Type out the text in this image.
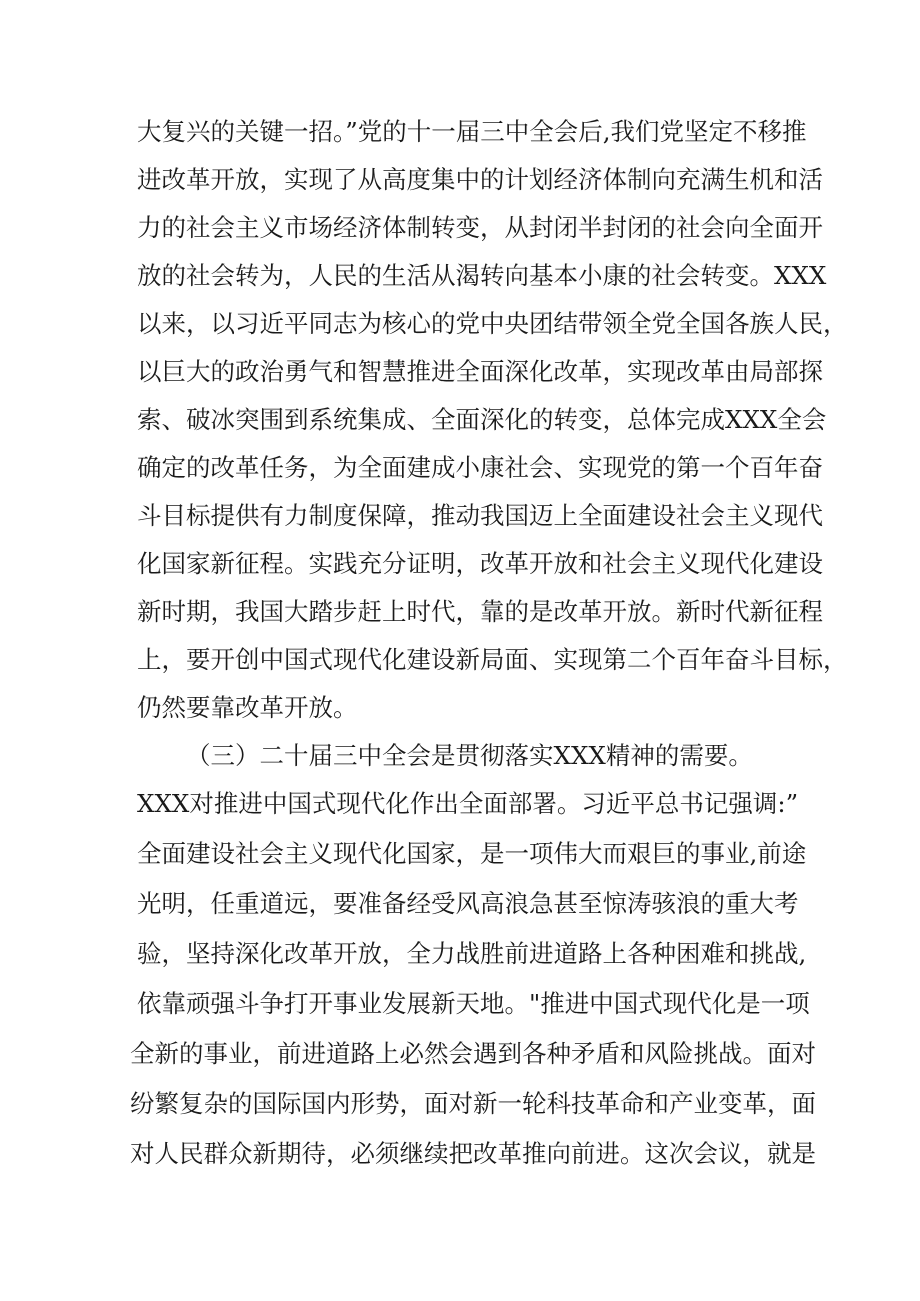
大复兴的关键一招。”党的十一届三中全会后,我们党坚定不移推
进改革开放，实现了从高度集中的计划经济体制向充满生机和活
力的社会主义市场经济体制转变，从封闭半封闭的社会向全面开
放的社会转为，人民的生活从渴转向基本小康的社会转变。XXX
以来，以习近平同志为核心的党中央团结带领全党全国各族人民，
以巨大的政治勇气和智慧推进全面深化改革，实现改革由局部探
索、破冰突围到系统集成、全面深化的转变，总体完成XXX全会
确定的改革任务，为全面建成小康社会、实现党的第一个百年奋
斗目标提供有力制度保障，推动我国迈上全面建设社会主义现代
化国家新征程。实践充分证明，改革开放和社会主义现代化建设
新时期，我国大踏步赶上时代，靠的是改革开放。新时代新征程
上，要开创中国式现代化建设新局面、实现第二个百年奋斗目标，
仍然要靠改革开放。
（三）二十届三中全会是贯彻落实XXX精神的需要。
XXX对推进中国式现代化作出全面部署。习近平总书记强调:”
全面建设社会主义现代化国家，是一项伟大而艰巨的事业,前途
光明，任重道远，要准备经受风高浪急甚至惊涛骇浪的重大考
验，坚持深化改革开放，全力战胜前进道路上各种困难和挑战,
依靠顽强斗争打开事业发展新天地。"推进中国式现代化是一项
全新的事业，前进道路上必然会遇到各种矛盾和风险挑战。面对
纷繁复杂的国际国内形势，面对新一轮科技革命和产业变革，面
对人民群众新期待，必须继续把改革推向前进。这次会议，就是
